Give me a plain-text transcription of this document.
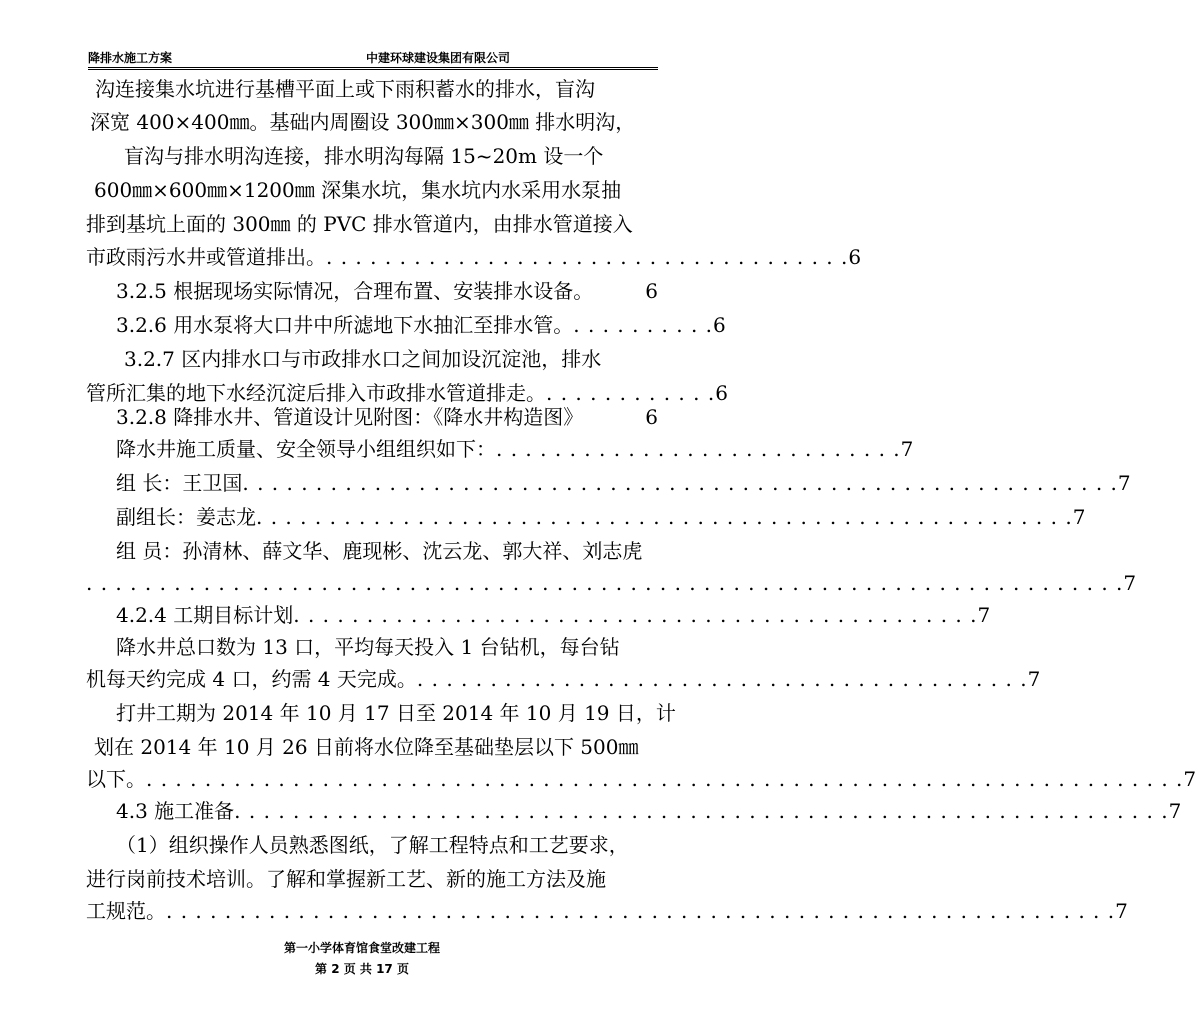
降排水施工方案	中建环球建设集团有限公司
沟连接集水坑进行基槽平面上或下雨积蓄水的排水，盲沟
深宽 400×400㎜。基础内周圈设 300㎜×300㎜ 排水明沟，
盲沟与排水明沟连接，排水明沟每隔 15~20m 设一个
600㎜×600㎜×1200㎜ 深集水坑，集水坑内水采用水泵抽
排到基坑上面的 300㎜ 的 PVC 排水管道内，由排水管道接入
市政雨污水井或管道排出。 . . . . . . . . . . . . . . . . . . . . . . . . . . . . . . . . . . . . 6
3.2.5 根据现场实际情况，合理布置、安装排水设备。	6
3.2.6 用水泵将大口井中所滤地下水抽汇至排水管。 . . . . . . . . . . 6
3.2.7 区内排水口与市政排水口之间加设沉淀池，排水
管所汇集的地下水经沉淀后排入市政排水管道排走。 . . . . . . . . . . . . 6
3.2.8 降排水井、管道设计见附图：《降水井构造图》	6
降水井施工质量、安全领导小组组织如下： . . . . . . . . . . . . . . . . . . . . . . . . . . . . 7
组 长：王卫国 . . . . . . . . . . . . . . . . . . . . . . . . . . . . . . . . . . . . . . . . . . . . . . . . . . . . . . . . . . . . 7
副组长：姜志龙 . . . . . . . . . . . . . . . . . . . . . . . . . . . . . . . . . . . . . . . . . . . . . . . . . . . . . . . . 7
组 员：孙清林、薛文华、鹿现彬、沈云龙、郭大祥、刘志虎
. . . . . . . . . . . . . . . . . . . . . . . . . . . . . . . . . . . . . . . . . . . . . . . . . . . . . . . . . . . . . . . . . . . . . . . 7
4.2.4 工期目标计划 . . . . . . . . . . . . . . . . . . . . . . . . . . . . . . . . . . . . . . . . . . . . . . . 7
降水井总口数为 13 口，平均每天投入 1 台钻机，每台钻
机每天约完成 4 口，约需 4 天完成。 . . . . . . . . . . . . . . . . . . . . . . . . . . . . . . . . . . . . . . . . . . 7
打井工期为 2014 年 10 月 17 日至 2014 年 10 月 19 日，计
划在 2014 年 10 月 26 日前将水位降至基础垫层以下 500㎜
以下。 . . . . . . . . . . . . . . . . . . . . . . . . . . . . . . . . . . . . . . . . . . . . . . . . . . . . . . . . . . . . . . . . . . . . . . . 7
4.3 施工准备 . . . . . . . . . . . . . . . . . . . . . . . . . . . . . . . . . . . . . . . . . . . . . . . . . . . . . . . . . . . . . . . . 7
（1）组织操作人员熟悉图纸，了解工程特点和工艺要求，
进行岗前技术培训。了解和掌握新工艺、新的施工方法及施
工规范。 . . . . . . . . . . . . . . . . . . . . . . . . . . . . . . . . . . . . . . . . . . . . . . . . . . . . . . . . . . . . . . . . . 7
第一小学体育馆食堂改建工程
第 2 页 共 17 页
